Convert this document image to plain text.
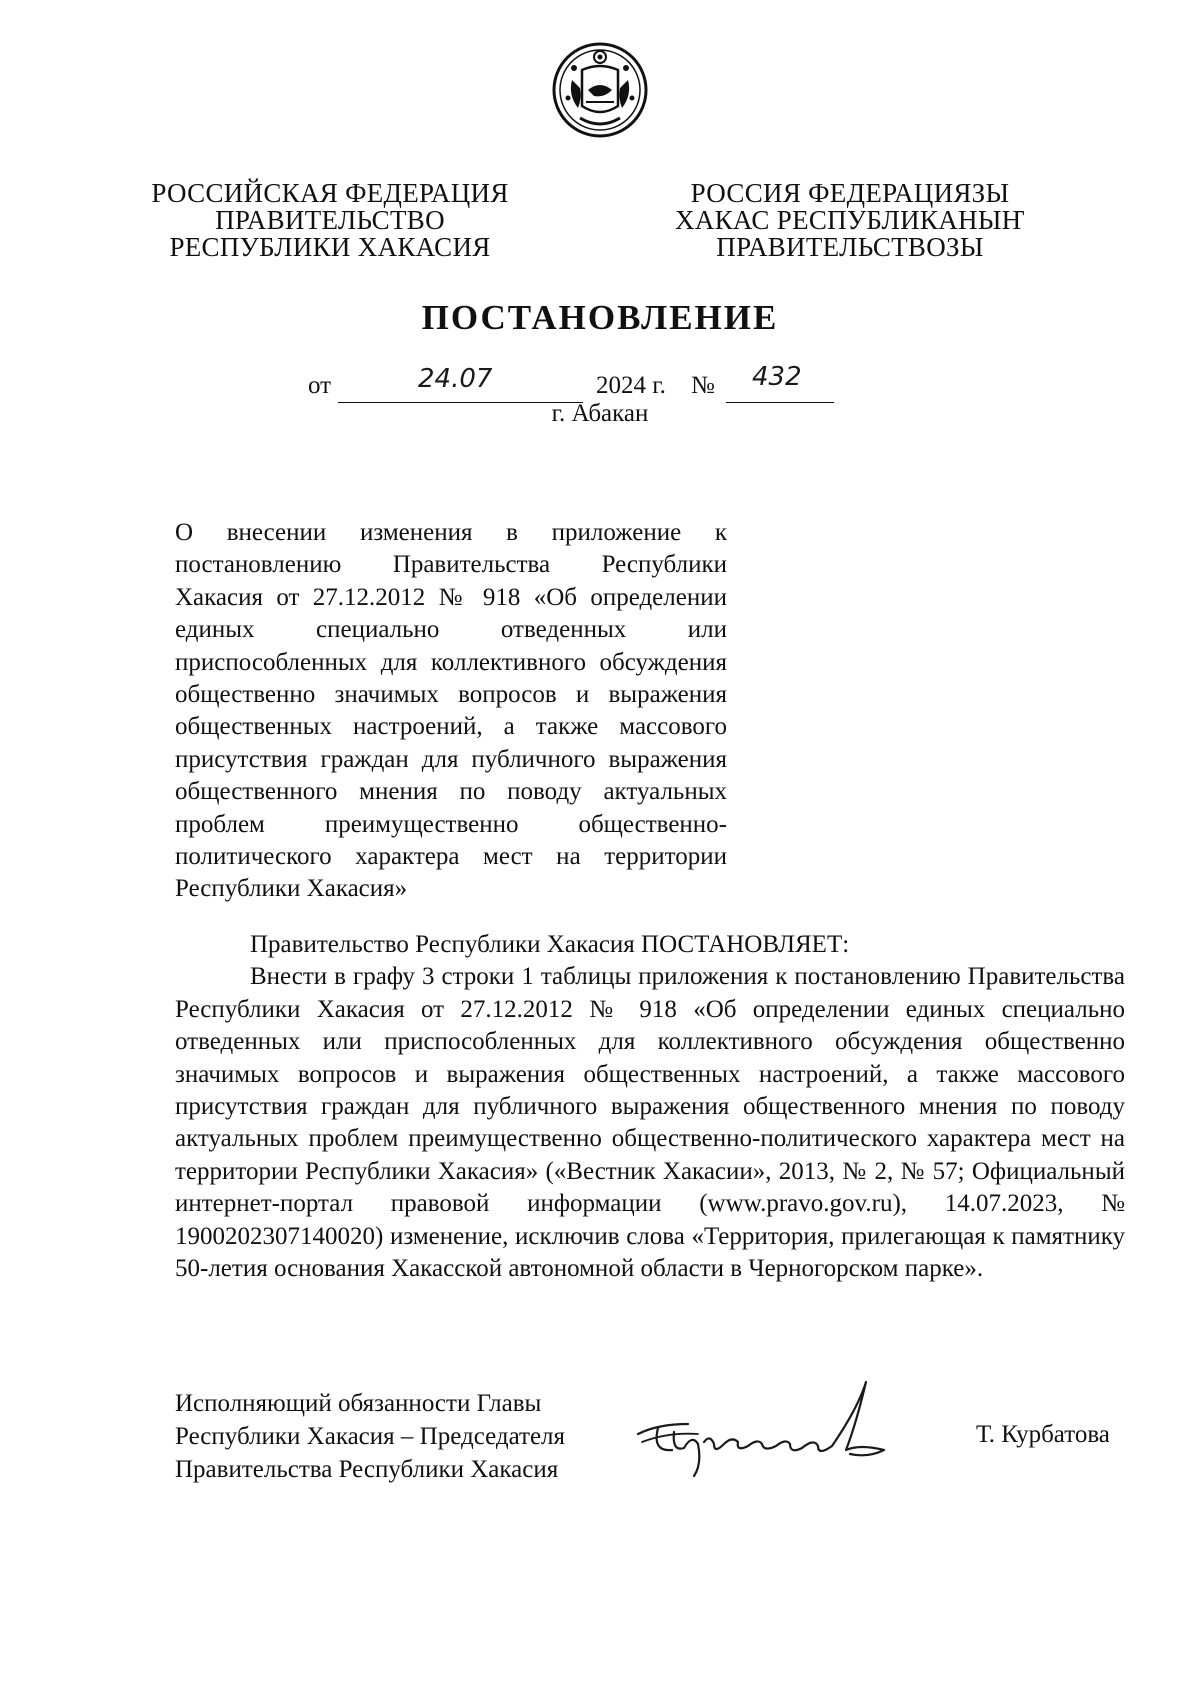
РОССИЙСКАЯ ФЕДЕРАЦИЯ
ПРАВИТЕЛЬСТВО
РЕСПУБЛИКИ ХАКАСИЯ
РОССИЯ ФЕДЕРАЦИЯЗЫ
ХАКАС РЕСПУБЛИКАНЫҤ
ПРАВИТЕЛЬСТВОЗЫ
ПОСТАНОВЛЕНИЕ
от	24.07	2024 г. № 432
г. Абакан
О внесении изменения в приложение к постановлению Правительства Республики Хакасия от 27.12.2012 № 918 «Об определении единых специально отведенных или приспособленных для коллективного обсуждения общественно значимых вопросов и выражения общественных настроений, а также массового присутствия граждан для публичного выражения общественного мнения по поводу актуальных проблем преимущественно общественно-политического характера мест на территории Республики Хакасия»

Правительство Республики Хакасия ПОСТАНОВЛЯЕТ:

Внести в графу 3 строки 1 таблицы приложения к постановлению Правительства Республики Хакасия от 27.12.2012 № 918 «Об определении единых специально отведенных или приспособленных для коллективного обсуждения общественно значимых вопросов и выражения общественных настроений, а также массового присутствия граждан для публичного выражения общественного мнения по поводу актуальных проблем преимущественно общественно-политического характера мест на территории Республики Хакасия» («Вестник Хакасии», 2013, № 2, № 57; Официальный интернет-портал правовой информации (www.pravo.gov.ru), 14.07.2023, № 1900202307140020) изменение, исключив слова «Территория, прилегающая к памятнику 50-летия основания Хакасской автономной области в Черногорском парке».

Исполняющий обязанности Главы
Республики Хакасия – Председателя
Правительства Республики Хакасия
Т. Курбатова
